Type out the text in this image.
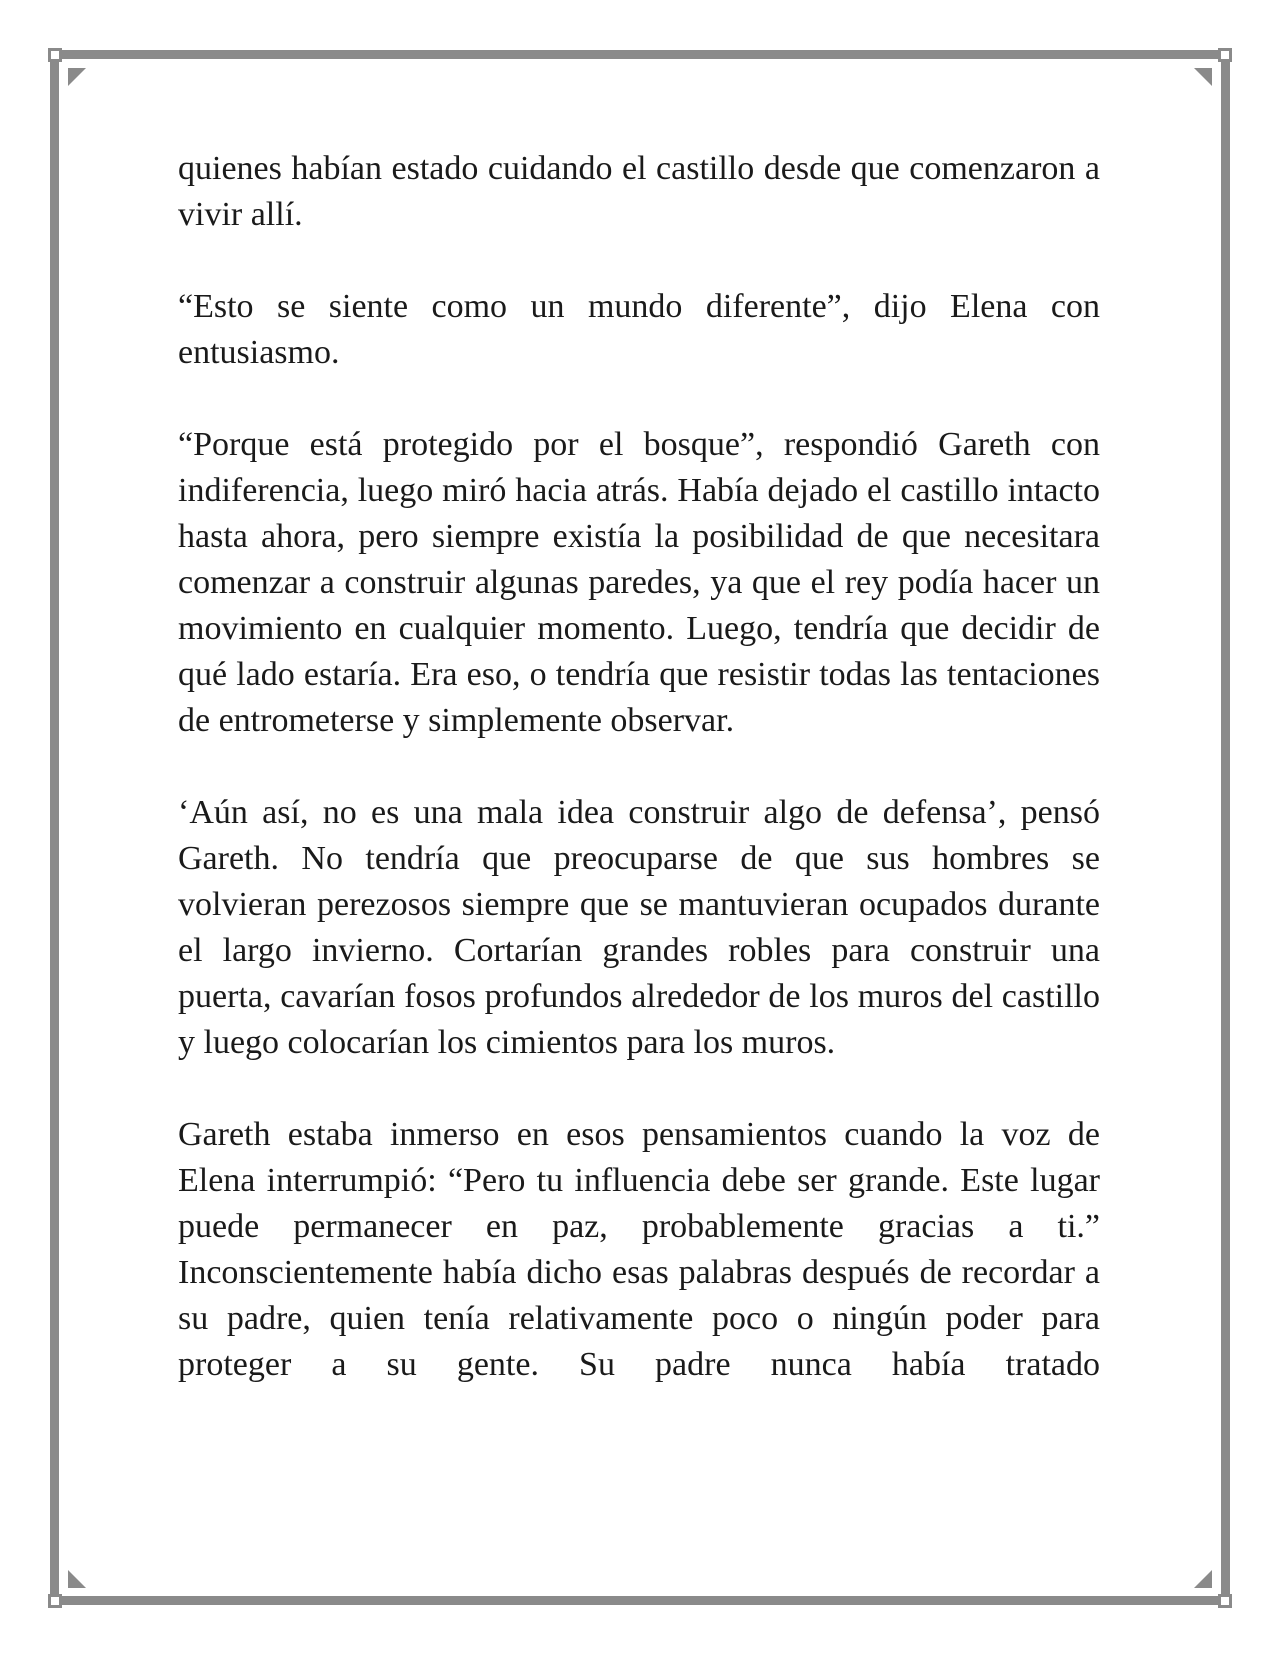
quienes habían estado cuidando el castillo desde que comenzaron a vivir allí.

“Esto se siente como un mundo diferente”, dijo Elena con entusiasmo.

“Porque está protegido por el bosque”, respondió Gareth con indiferencia, luego miró hacia atrás. Había dejado el castillo intacto hasta ahora, pero siempre existía la posibilidad de que necesitara comenzar a construir algunas paredes, ya que el rey podía hacer un movimiento en cualquier momento. Luego, tendría que decidir de qué lado estaría. Era eso, o tendría que resistir todas las tentaciones de entrometerse y simplemente observar.

‘Aún así, no es una mala idea construir algo de defensa’, pensó Gareth. No tendría que preocuparse de que sus hombres se volvieran perezosos siempre que se mantuvieran ocupados durante el largo invierno. Cortarían grandes robles para construir una puerta, cavarían fosos profundos alrededor de los muros del castillo y luego colocarían los cimientos para los muros.

Gareth estaba inmerso en esos pensamientos cuando la voz de Elena interrumpió: “Pero tu influencia debe ser grande. Este lugar puede permanecer en paz, probablemente gracias a ti.” Inconscientemente había dicho esas palabras después de recordar a su padre, quien tenía relativamente poco o ningún poder para proteger a su gente. Su padre nunca había tratado
